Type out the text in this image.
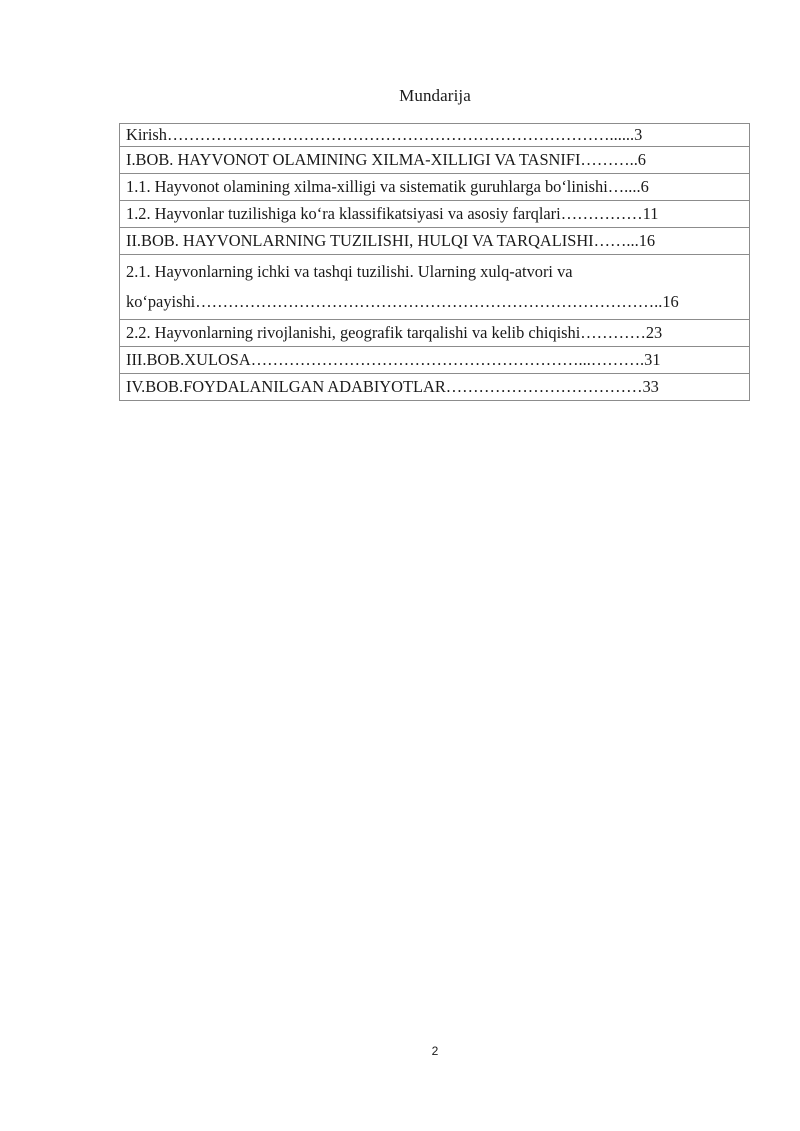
Mundarija
Kirish………………………………………………………………………......3
I.BOB. HAYVONOT OLAMINING XILMA-XILLIGI VA TASNIFI………..6
1.1. Hayvonot olamining xilma-xilligi va sistematik guruhlarga bo‘linishi…....6
1.2. Hayvonlar tuzilishiga ko‘ra klassifikatsiyasi va asosiy farqlari……………11
II.BOB. HAYVONLARNING TUZILISHI, HULQI VA TARQALISHI……...16
2.1. Hayvonlarning ichki va tashqi tuzilishi. Ularning xulq-atvori va
ko‘payishi…………………………………………………………………………..16
2.2. Hayvonlarning rivojlanishi, geografik tarqalishi va kelib chiqishi…………23
III.BOB.XULOSA……………………………………………………...……….31
IV.BOB.FOYDALANILGAN ADABIYOTLAR………………………………33
2
